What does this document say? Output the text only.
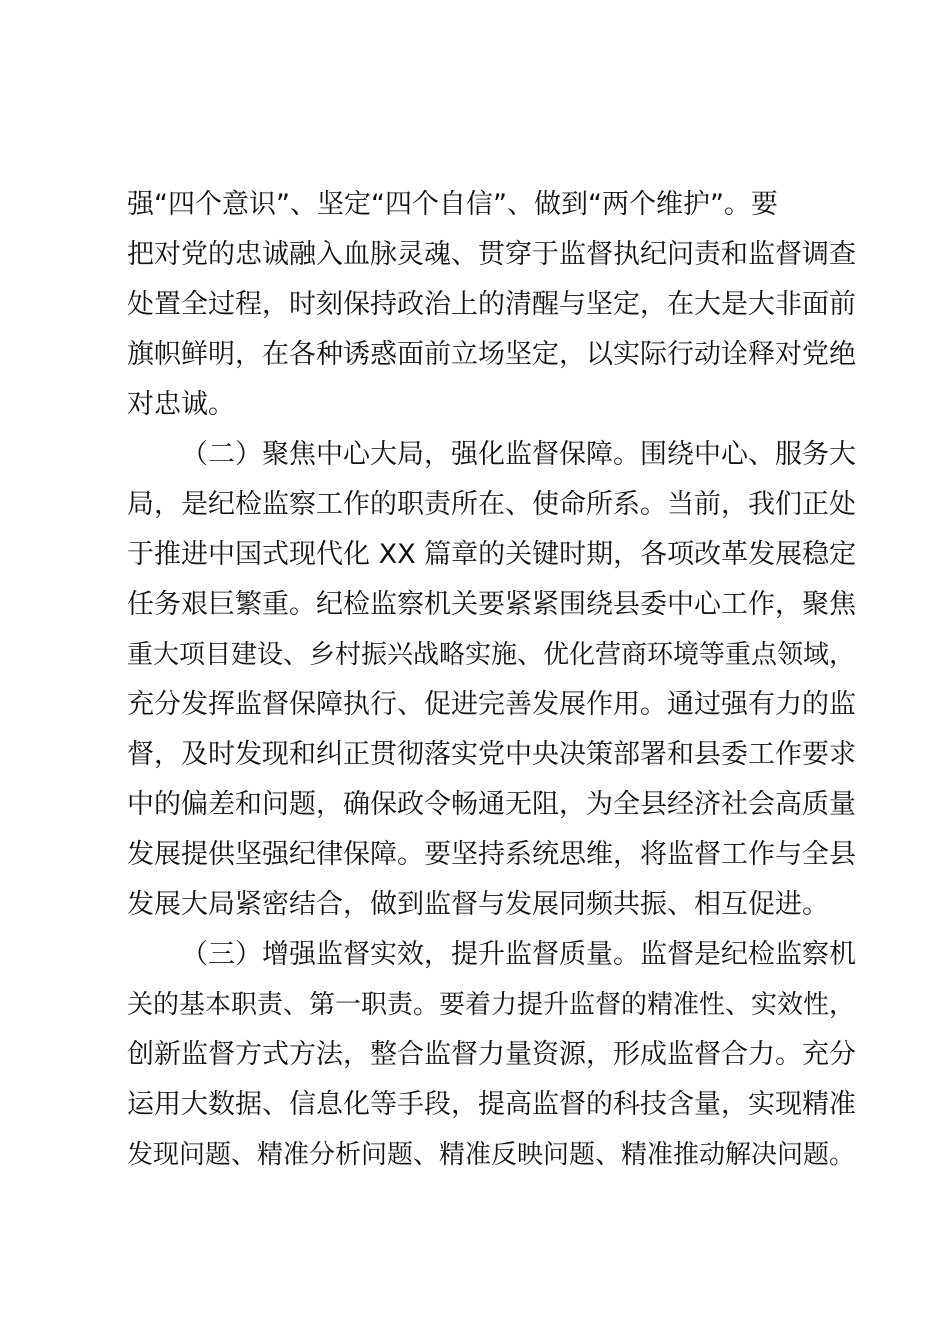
强“四个意识”、坚定“四个自信”、做到“两个维护”。要
把对党的忠诚融入血脉灵魂、贯穿于监督执纪问责和监督调查
处置全过程，时刻保持政治上的清醒与坚定，在大是大非面前
旗帜鲜明，在各种诱惑面前立场坚定，以实际行动诠释对党绝
对忠诚。
（二）聚焦中心大局，强化监督保障。围绕中心、服务大
局，是纪检监察工作的职责所在、使命所系。当前，我们正处
于推进中国式现代化 XX 篇章的关键时期，各项改革发展稳定
任务艰巨繁重。纪检监察机关要紧紧围绕县委中心工作，聚焦
重大项目建设、乡村振兴战略实施、优化营商环境等重点领域，
充分发挥监督保障执行、促进完善发展作用。通过强有力的监
督，及时发现和纠正贯彻落实党中央决策部署和县委工作要求
中的偏差和问题，确保政令畅通无阻，为全县经济社会高质量
发展提供坚强纪律保障。要坚持系统思维，将监督工作与全县
发展大局紧密结合，做到监督与发展同频共振、相互促进。
（三）增强监督实效，提升监督质量。监督是纪检监察机
关的基本职责、第一职责。要着力提升监督的精准性、实效性，
创新监督方式方法，整合监督力量资源，形成监督合力。充分
运用大数据、信息化等手段，提高监督的科技含量，实现精准
发现问题、精准分析问题、精准反映问题、精准推动解决问题。
